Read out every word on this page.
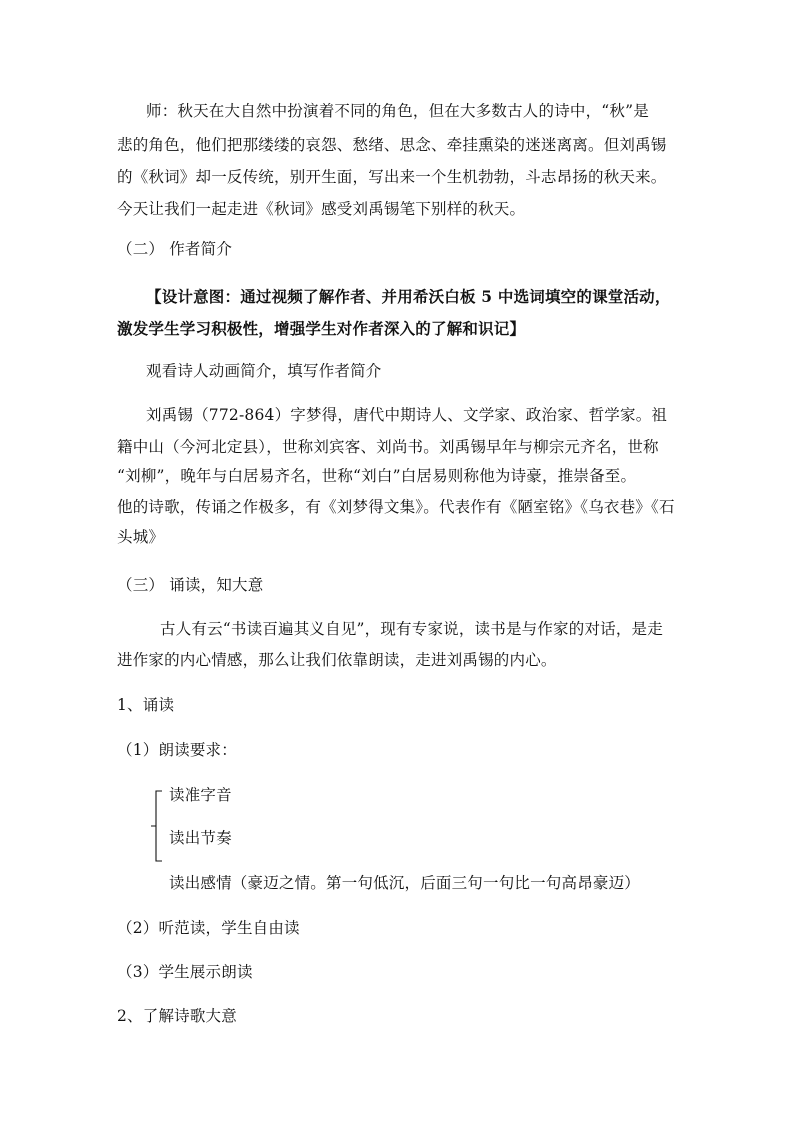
师：秋天在大自然中扮演着不同的角色，但在大多数古人的诗中，“秋”是
悲的角色，他们把那缕缕的哀怨、愁绪、思念、牵挂熏染的迷迷离离。但刘禹锡
的《秋词》却一反传统，别开生面，写出来一个生机勃勃，斗志昂扬的秋天来。
今天让我们一起走进《秋词》感受刘禹锡笔下别样的秋天。
（二） 作者简介
【设计意图：通过视频了解作者、并用希沃白板 5 中选词填空的课堂活动，
激发学生学习积极性，增强学生对作者深入的了解和识记】
观看诗人动画简介，填写作者简介
刘禹锡（772-864）字梦得，唐代中期诗人、文学家、政治家、哲学家。祖
籍中山（今河北定县），世称刘宾客、刘尚书。刘禹锡早年与柳宗元齐名，世称
“刘柳”，晚年与白居易齐名，世称“刘白”白居易则称他为诗豪，推崇备至。
他的诗歌，传诵之作极多，有《刘梦得文集》。代表作有《陋室铭》《乌衣巷》《石
头城》
（三） 诵读，知大意
古人有云“书读百遍其义自见”，现有专家说，读书是与作家的对话，是走
进作家的内心情感，那么让我们依靠朗读，走进刘禹锡的内心。
1、诵读
（1）朗读要求：
读准字音
读出节奏
读出感情（豪迈之情。第一句低沉，后面三句一句比一句高昂豪迈）
（2）听范读，学生自由读
（3）学生展示朗读
2、了解诗歌大意
